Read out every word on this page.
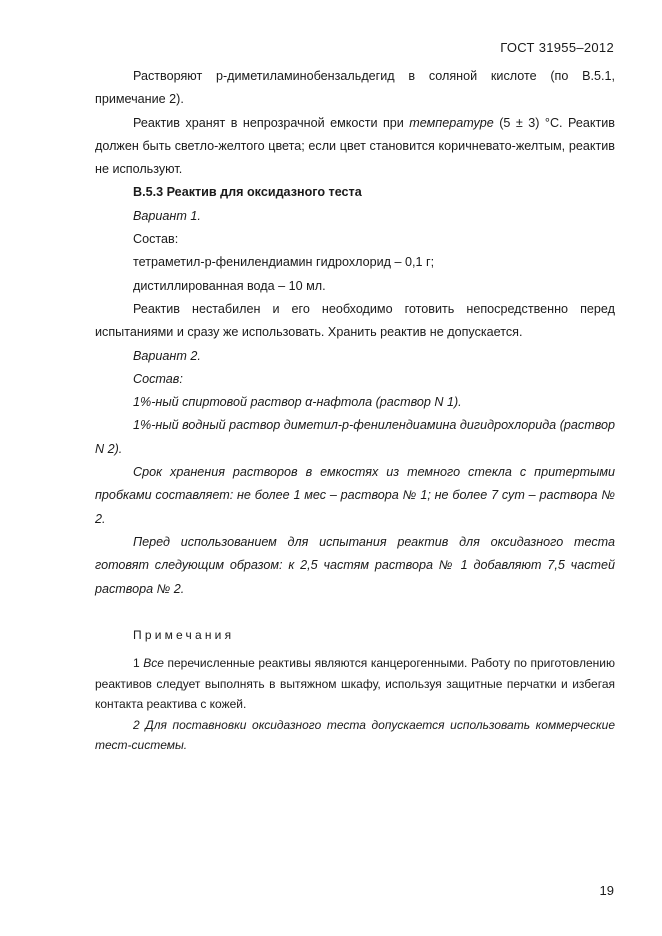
ГОСТ 31955–2012

Растворяют р-диметиламинобензальдегид в соляной кислоте (по В.5.1, примечание 2).

Реактив хранят в непрозрачной емкости при температуре (5 ± 3) °С. Реактив должен быть светло-желтого цвета; если цвет становится коричневато-желтым, реактив не используют.

В.5.3 Реактив для оксидазного теста

Вариант 1.

Состав:

тетраметил-р-фенилендиамин гидрохлорид – 0,1 г;

дистиллированная вода – 10 мл.

Реактив нестабилен и его необходимо готовить непосредственно перед испытаниями и сразу же использовать. Хранить реактив не допускается.

Вариант 2.

Состав:

1%-ный спиртовой раствор α-нафтола (раствор N 1).

1%-ный водный раствор диметил-р-фенилендиамина дигидрохлорида (раствор N 2).

Срок хранения растворов в емкостях из темного стекла с притертыми пробками составляет: не более 1 мес – раствора № 1; не более 7 сут – раствора № 2.

Перед использованием для испытания реактив для оксидазного теста готовят следующим образом: к 2,5 частям раствора № 1 добавляют 7,5 частей раствора № 2.

Примечания

1 Все перечисленные реактивы являются канцерогенными. Работу по приготовлению реактивов следует выполнять в вытяжном шкафу, используя защитные перчатки и избегая контакта реактива с кожей.

2 Для поставновки оксидазного теста допускается использовать коммерческие тест-системы.

19
